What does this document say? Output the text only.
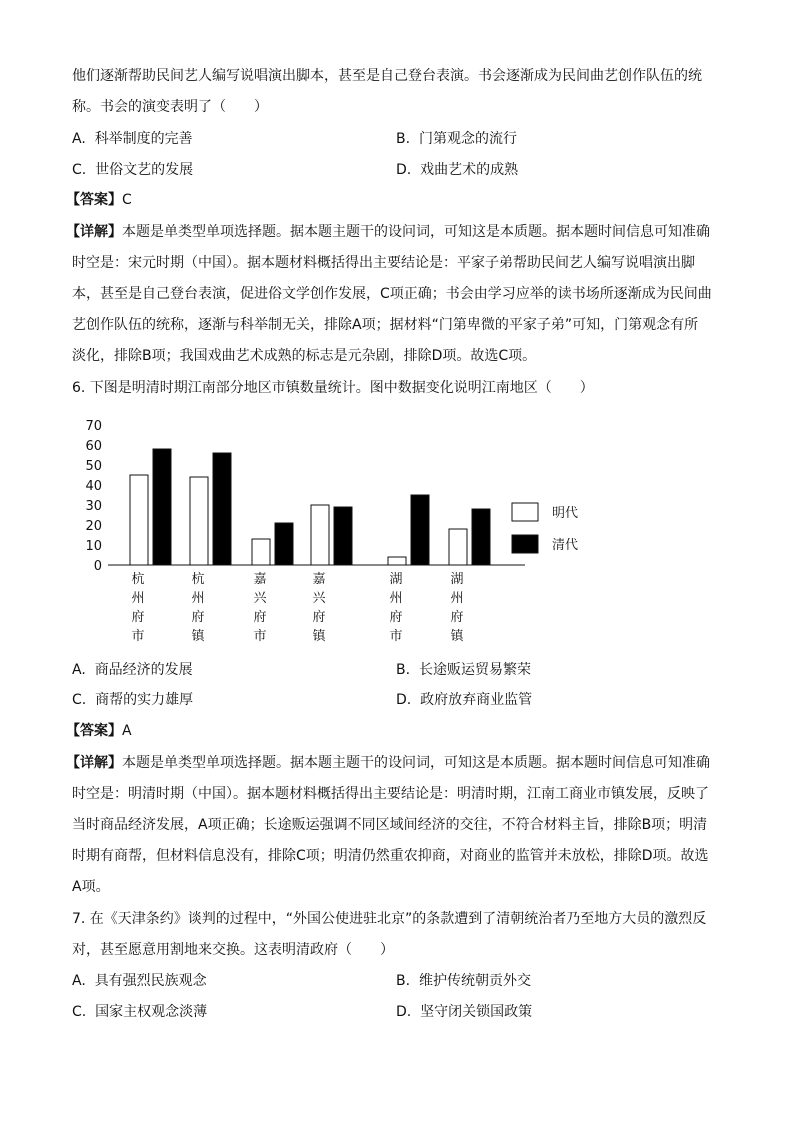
他们逐渐帮助民间艺人编写说唱演出脚本，甚至是自己登台表演。书会逐渐成为民间曲艺创作队伍的统
称。书会的演变表明了（　　）
A. 科举制度的完善	B. 门第观念的流行
C. 世俗文艺的发展	D. 戏曲艺术的成熟
【答案】C
【详解】本题是单类型单项选择题。据本题主题干的设问词，可知这是本质题。据本题时间信息可知准确
时空是：宋元时期（中国）。据本题材料概括得出主要结论是：平家子弟帮助民间艺人编写说唱演出脚
本，甚至是自己登台表演，促进俗文学创作发展，C项正确；书会由学习应举的读书场所逐渐成为民间曲
艺创作队伍的统称，逐渐与科举制无关，排除A项；据材料“门第卑微的平家子弟”可知，门第观念有所
淡化，排除B项；我国戏曲艺术成熟的标志是元杂剧，排除D项。故选C项。
6. 下图是明清时期江南部分地区市镇数量统计。图中数据变化说明江南地区（　　）
0
10
20
30
40
50
60
70
杭州府市
杭州府镇
嘉兴府市
嘉兴府镇
湖州府市
湖州府镇
明代
清代
A. 商品经济的发展	B. 长途贩运贸易繁荣
C. 商帮的实力雄厚	D. 政府放弃商业监管
【答案】A
【详解】本题是单类型单项选择题。据本题主题干的设问词，可知这是本质题。据本题时间信息可知准确
时空是：明清时期（中国）。据本题材料概括得出主要结论是：明清时期，江南工商业市镇发展，反映了
当时商品经济发展，A项正确；长途贩运强调不同区域间经济的交往，不符合材料主旨，排除B项；明清
时期有商帮，但材料信息没有，排除C项；明清仍然重农抑商，对商业的监管并未放松，排除D项。故选
A项。
7. 在《天津条约》谈判的过程中，“外国公使进驻北京”的条款遭到了清朝统治者乃至地方大员的激烈反
对，甚至愿意用割地来交换。这表明清政府（　　）
A. 具有强烈民族观念	B. 维护传统朝贡外交
C. 国家主权观念淡薄	D. 坚守闭关锁国政策
